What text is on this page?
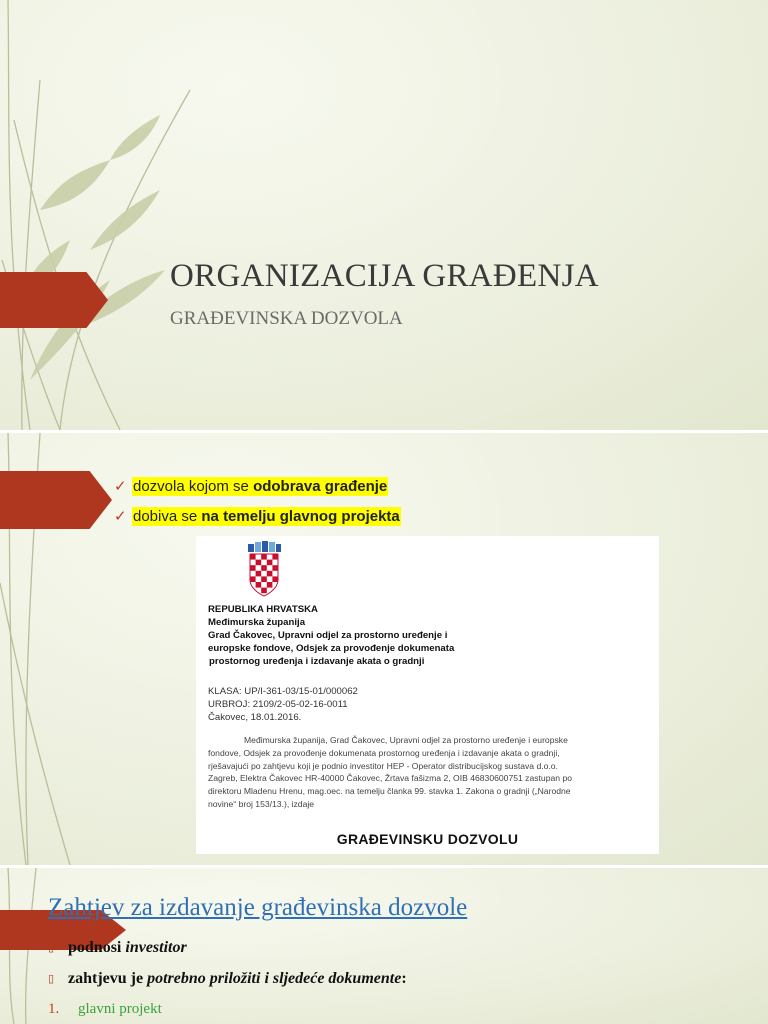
ORGANIZACIJA GRAĐENJA
GRAĐEVINSKA DOZVOLA
✓ dozvola kojom se odobrava građenje
✓ dobiva se na temelju glavnog projekta
REPUBLIKA HRVATSKA
Međimurska županija
Grad Čakovec, Upravni odjel za prostorno uređenje i
europske fondove, Odsjek za provođenje dokumenata
prostornog uređenja i izdavanje akata o gradnji
KLASA: UP/I-361-03/15-01/000062
URBROJ: 2109/2-05-02-16-0011
Čakovec, 18.01.2016.
Međimurska županija, Grad Čakovec, Upravni odjel za prostorno uređenje i europske
fondove, Odsjek za provođenje dokumenata prostornog uređenja i izdavanje akata o gradnji,
rješavajući po zahtjevu koji je podnio investitor HEP - Operator distribucijskog sustava d.o.o.
Zagreb, Elektra Čakovec HR-40000 Čakovec, Žrtava fašizma 2, OIB 46830600751 zastupan po
direktoru Mladenu Hrenu, mag.oec. na temelju članka 99. stavka 1. Zakona o gradnji („Narodne
novine“ broj 153/13.), izdaje
GRAĐEVINSKU DOZVOLU
Zahtjev za izdavanje građevinska dozvole
▯ podnosi
investitor
▯ zahtjevu je
potrebno priložiti i sljedeće dokumente :
1.	glavni projekt
